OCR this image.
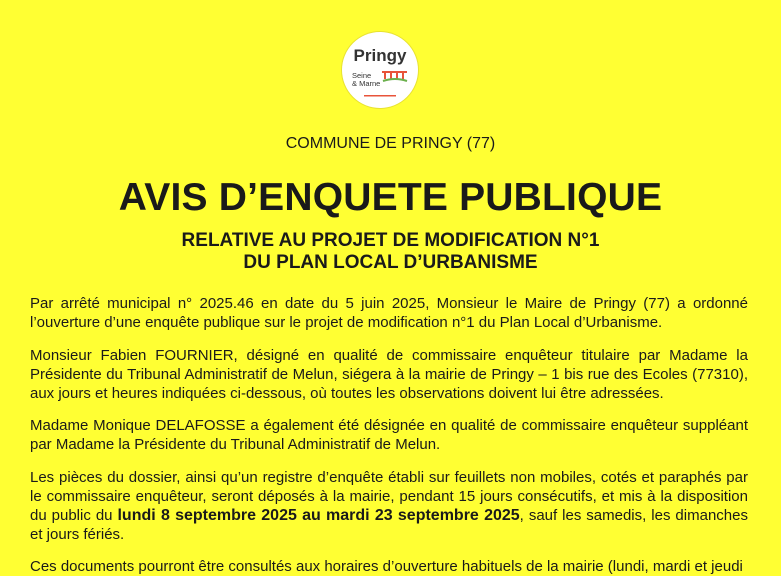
Pringy
Seine
& Marne
COMMUNE DE PRINGY (77)
AVIS D’ENQUETE PUBLIQUE
RELATIVE AU PROJET DE MODIFICATION N°1
DU PLAN LOCAL D’URBANISME
Par arrêté municipal n° 2025.46 en date du 5 juin 2025, Monsieur le Maire de Pringy (77) a ordonné l’ouverture d’une enquête publique sur le projet de modification n°1 du Plan Local d’Urbanisme.
Monsieur Fabien FOURNIER, désigné en qualité de commissaire enquêteur titulaire par Madame la Présidente du Tribunal Administratif de Melun, siégera à la mairie de Pringy – 1 bis rue des Ecoles (77310), aux jours et heures indiquées ci-dessous, où toutes les observations doivent lui être adressées.
Madame Monique DELAFOSSE a également été désignée en qualité de commissaire enquêteur suppléant par Madame la Présidente du Tribunal Administratif de Melun.
Les pièces du dossier, ainsi qu’un registre d’enquête établi sur feuillets non mobiles, cotés et paraphés par le commissaire enquêteur, seront déposés à la mairie, pendant 15 jours consécutifs, et mis à la disposition du public du lundi 8 septembre 2025 au mardi 23 septembre 2025, sauf les samedis, les dimanches et jours fériés.
Ces documents pourront être consultés aux horaires d’ouverture habituels de la mairie (lundi, mardi et jeudi
